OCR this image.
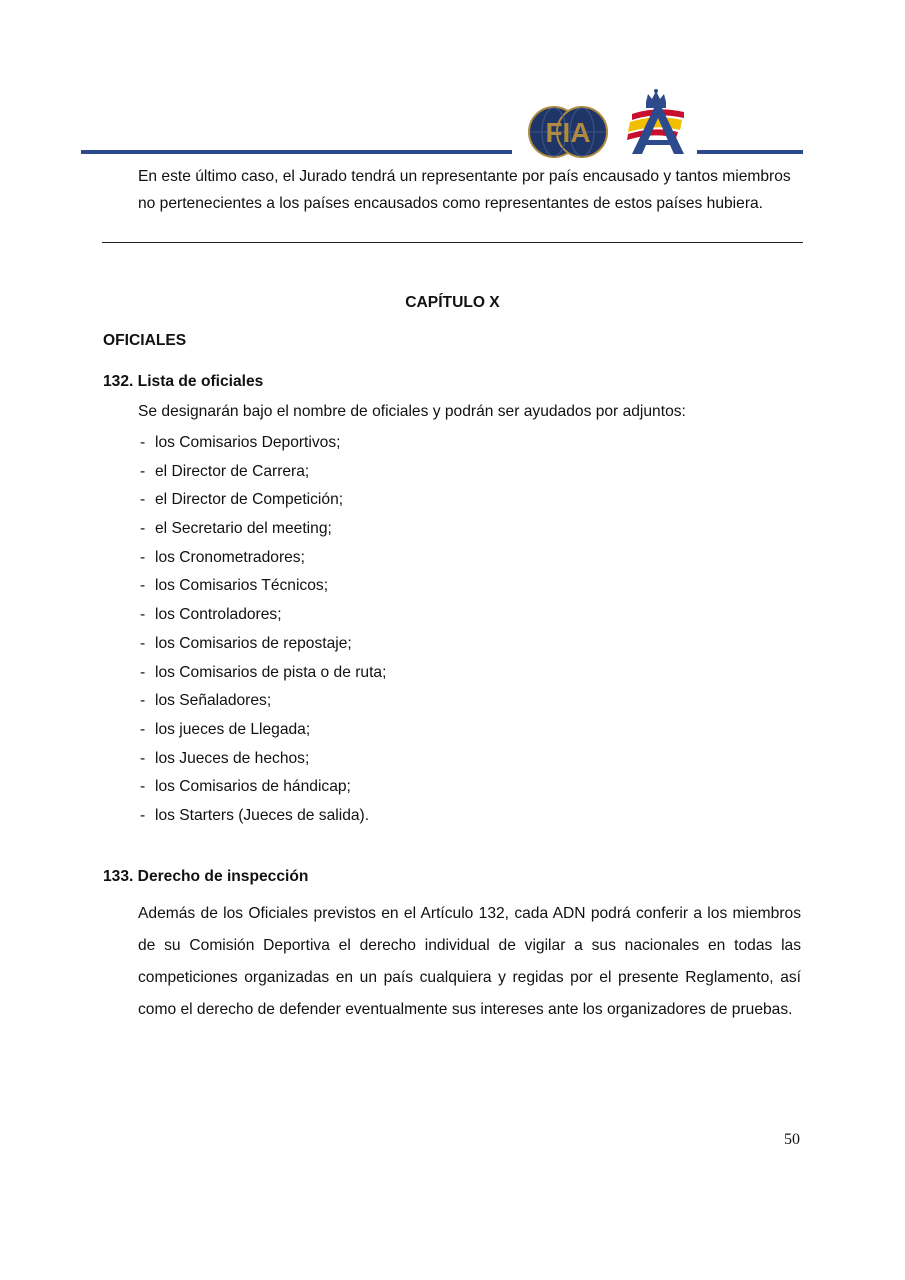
FIA

En este último caso, el Jurado tendrá un representante por país encausado y tantos miembros

no pertenecientes a los países encausados como representantes de estos países hubiera.

CAPÍTULO X
OFICIALES
132. Lista de oficiales
Se designarán bajo el nombre de oficiales y podrán ser ayudados por adjuntos:
- los Comisarios Deportivos;
- el Director de Carrera;
- el Director de Competición;
- el Secretario del meeting;
- los Cronometradores;
- los Comisarios Técnicos;
- los Controladores;
- los Comisarios de repostaje;
- los Comisarios de pista o de ruta;
- los Señaladores;
- los jueces de Llegada;
- los Jueces de hechos;
- los Comisarios de hándicap;
- los Starters (Jueces de salida).
133. Derecho de inspección

Además de los Oficiales previstos en el Artículo 132, cada ADN podrá conferir a los miembros de su Comisión Deportiva el derecho individual de vigilar a sus nacionales en todas las competiciones organizadas en un país cualquiera y regidas por el presente Reglamento, así como el derecho de defender eventualmente sus intereses ante los organizadores de pruebas.

50
